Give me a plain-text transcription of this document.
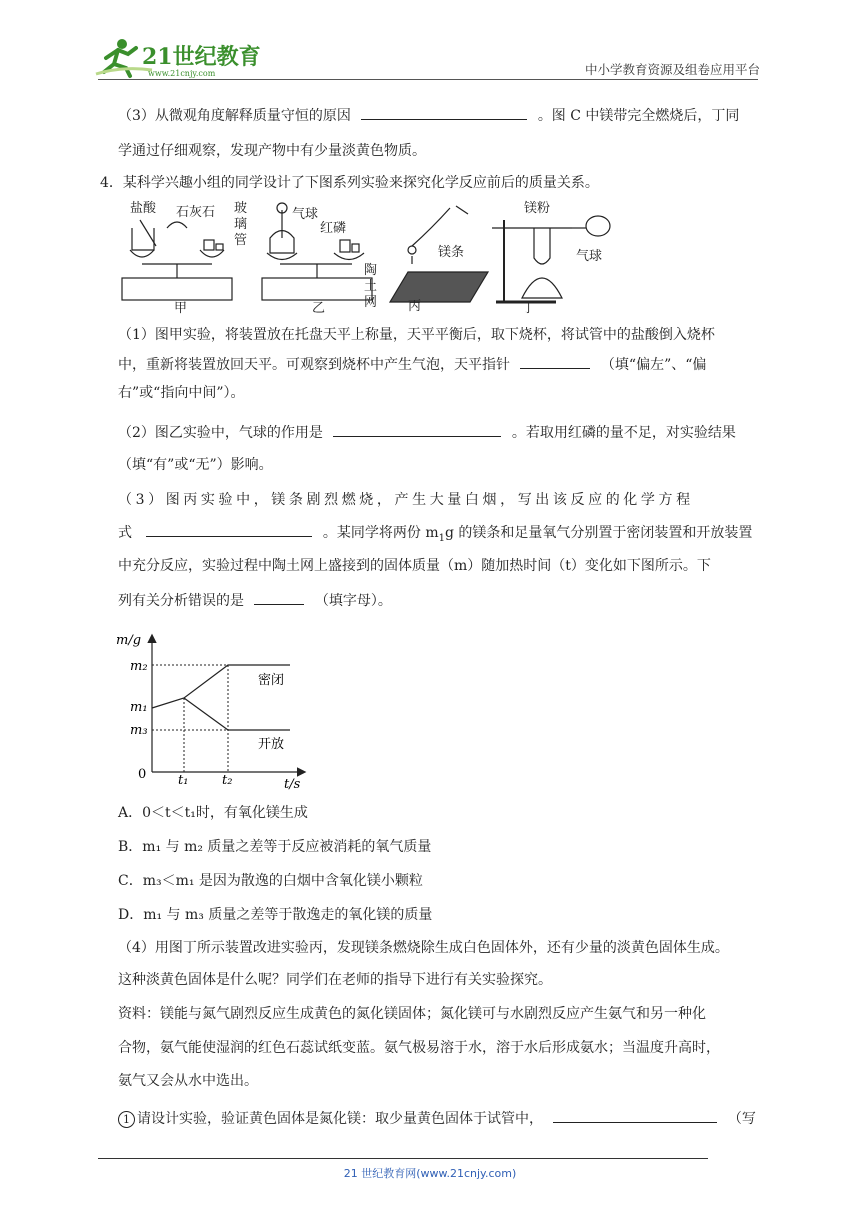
21世纪教育
www.21cnjy.com	中小学教育资源及组卷应用平台
（3）从微观角度解释质量守恒的原因	。图 C 中镁带完全燃烧后，丁同
学通过仔细观察，发现产物中有少量淡黄色物质。
4．某科学兴趣小组的同学设计了下图系列实验来探究化学反应前后的质量关系。
盐酸 石灰石 玻
璃
管
气球
红磷
甲	乙
镁条
陶
土
网 丙
镁粉
气球
丁
（1）图甲实验，将装置放在托盘天平上称量，天平平衡后，取下烧杯，将试管中的盐酸倒入烧杯
中，重新将装置放回天平。可观察到烧杯中产生气泡，天平指针	（填“偏左”、“偏
右”或“指向中间”）。
（2）图乙实验中，气球的作用是	。若取用红磷的量不足，对实验结果
（填“有”或“无”）影响。
（3）图丙实验中，镁条剧烈燃烧，产生大量白烟，写出该反应的化学方程
式	。某同学将两份 $m_1g$ 的镁条和足量氧气分别置于密闭装置和开放装置
中充分反应，实验过程中陶土网上盛接到的固体质量（m）随加热时间（t）变化如下图所示。下
列有关分析错误的是	（填字母）。
m/g
t/s
0
m₂
m₁
m₃
t₁	t₂
密闭
开放
A．0＜t＜t₁时，有氧化镁生成
B．m₁ 与 m₂ 质量之差等于反应被消耗的氧气质量
C．m₃＜m₁ 是因为散逸的白烟中含氧化镁小颗粒
D．m₁ 与 m₃ 质量之差等于散逸走的氧化镁的质量
（4）用图丁所示装置改进实验丙，发现镁条燃烧除生成白色固体外，还有少量的淡黄色固体生成。
这种淡黄色固体是什么呢？同学们在老师的指导下进行有关实验探究。
资料：镁能与氮气剧烈反应生成黄色的氮化镁固体；氮化镁可与水剧烈反应产生氨气和另一种化
合物，氨气能使湿润的红色石蕊试纸变蓝。氨气极易溶于水，溶于水后形成氨水；当温度升高时，
氨气又会从水中选出。
1 请设计实验，验证黄色固体是氮化镁：取少量黄色固体于试管中，	（写
21 世纪教育网(www.21cnjy.com)
